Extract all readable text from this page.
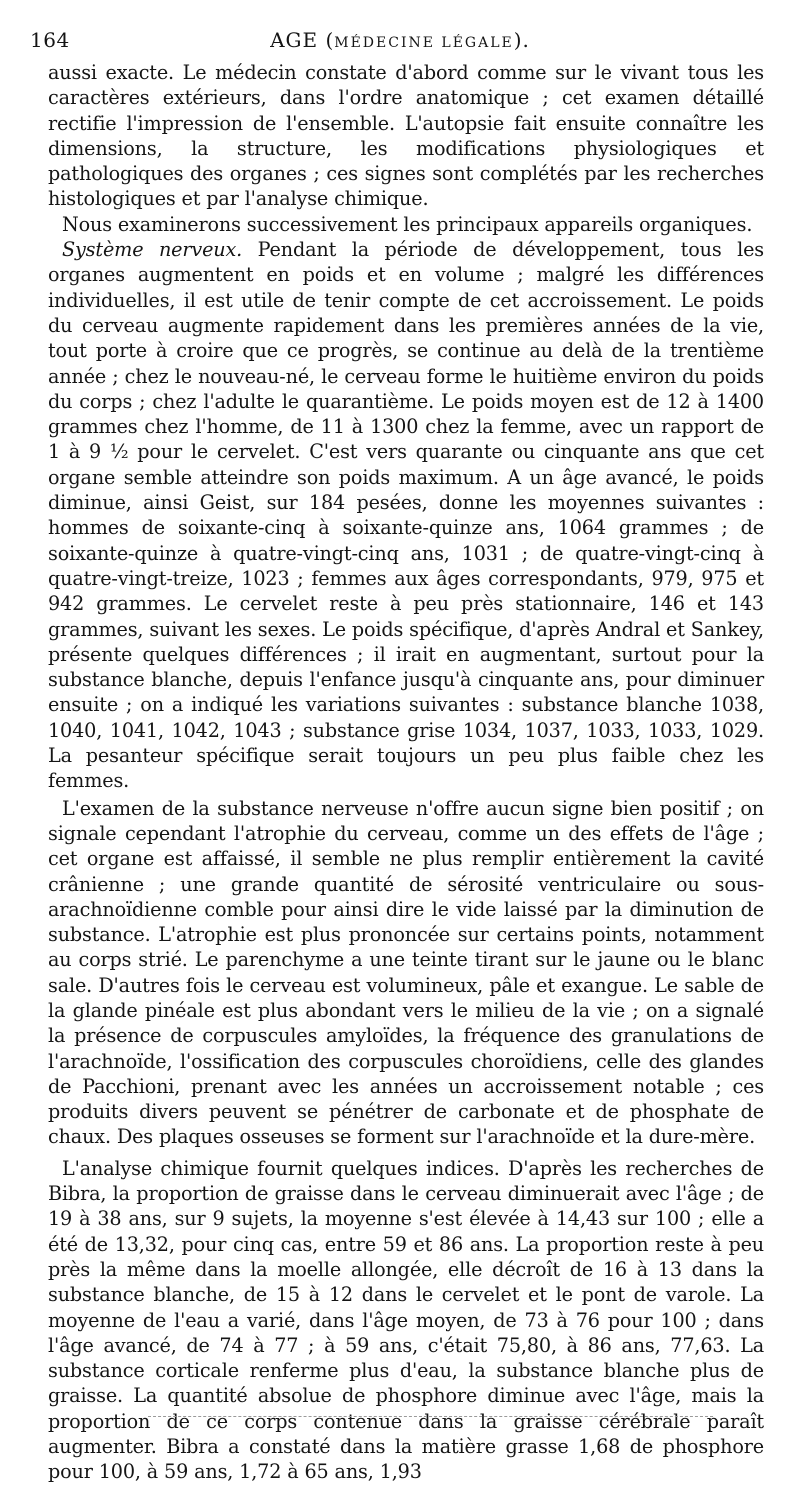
164	AGE (MÉDECINE LÉGALE).

aussi exacte. Le médecin constate d'abord comme sur le vivant tous les caractères extérieurs, dans l'ordre anatomique ; cet examen détaillé rectifie l'impression de l'ensemble. L'autopsie fait ensuite connaître les dimensions, la structure, les modifications physiologiques et pathologiques des organes ; ces signes sont complétés par les recherches histologiques et par l'analyse chimique.

Nous examinerons successivement les principaux appareils organiques.

Système nerveux. Pendant la période de développement, tous les organes augmentent en poids et en volume ; malgré les différences individuelles, il est utile de tenir compte de cet accroissement. Le poids du cerveau augmente rapidement dans les premières années de la vie, tout porte à croire que ce progrès, se continue au delà de la trentième année ; chez le nouveau-né, le cerveau forme le huitième environ du poids du corps ; chez l'adulte le quarantième. Le poids moyen est de 12 à 1400 grammes chez l'homme, de 11 à 1300 chez la femme, avec un rapport de 1 à 9 ½ pour le cervelet. C'est vers quarante ou cinquante ans que cet organe semble atteindre son poids maximum. A un âge avancé, le poids diminue, ainsi Geist, sur 184 pesées, donne les moyennes suivantes : hommes de soixante-cinq à soixante-quinze ans, 1064 grammes ; de soixante-quinze à quatre-vingt-cinq ans, 1031 ; de quatre-vingt-cinq à quatre-vingt-treize, 1023 ; femmes aux âges correspondants, 979, 975 et 942 grammes. Le cervelet reste à peu près stationnaire, 146 et 143 grammes, suivant les sexes. Le poids spécifique, d'après Andral et Sankey, présente quelques différences ; il irait en augmentant, surtout pour la substance blanche, depuis l'enfance jusqu'à cinquante ans, pour diminuer ensuite ; on a indiqué les variations suivantes : substance blanche 1038, 1040, 1041, 1042, 1043 ; substance grise 1034, 1037, 1033, 1033, 1029. La pesanteur spécifique serait toujours un peu plus faible chez les femmes.

L'examen de la substance nerveuse n'offre aucun signe bien positif ; on signale cependant l'atrophie du cerveau, comme un des effets de l'âge ; cet organe est affaissé, il semble ne plus remplir entièrement la cavité crânienne ; une grande quantité de sérosité ventriculaire ou sous-arachnoïdienne comble pour ainsi dire le vide laissé par la diminution de substance. L'atrophie est plus prononcée sur certains points, notamment au corps strié. Le parenchyme a une teinte tirant sur le jaune ou le blanc sale. D'autres fois le cerveau est volumineux, pâle et exangue. Le sable de la glande pinéale est plus abondant vers le milieu de la vie ; on a signalé la présence de corpuscules amyloïdes, la fréquence des granulations de l'arachnoïde, l'ossification des corpuscules choroïdiens, celle des glandes de Pacchioni, prenant avec les années un accroissement notable ; ces produits divers peuvent se pénétrer de carbonate et de phosphate de chaux. Des plaques osseuses se forment sur l'arachnoïde et la dure-mère.

L'analyse chimique fournit quelques indices. D'après les recherches de Bibra, la proportion de graisse dans le cerveau diminuerait avec l'âge ; de 19 à 38 ans, sur 9 sujets, la moyenne s'est élevée à 14,43 sur 100 ; elle a été de 13,32, pour cinq cas, entre 59 et 86 ans. La proportion reste à peu près la même dans la moelle allongée, elle décroît de 16 à 13 dans la substance blanche, de 15 à 12 dans le cervelet et le pont de varole. La moyenne de l'eau a varié, dans l'âge moyen, de 73 à 76 pour 100 ; dans l'âge avancé, de 74 à 77 ; à 59 ans, c'était 75,80, à 86 ans, 77,63. La substance corticale renferme plus d'eau, la substance blanche plus de graisse. La quantité absolue de phosphore diminue avec l'âge, mais la proportion de ce corps contenue dans la graisse cérébrale paraît augmenter. Bibra a constaté dans la matière grasse 1,68 de phosphore pour 100, à 59 ans, 1,72 à 65 ans, 1,93
